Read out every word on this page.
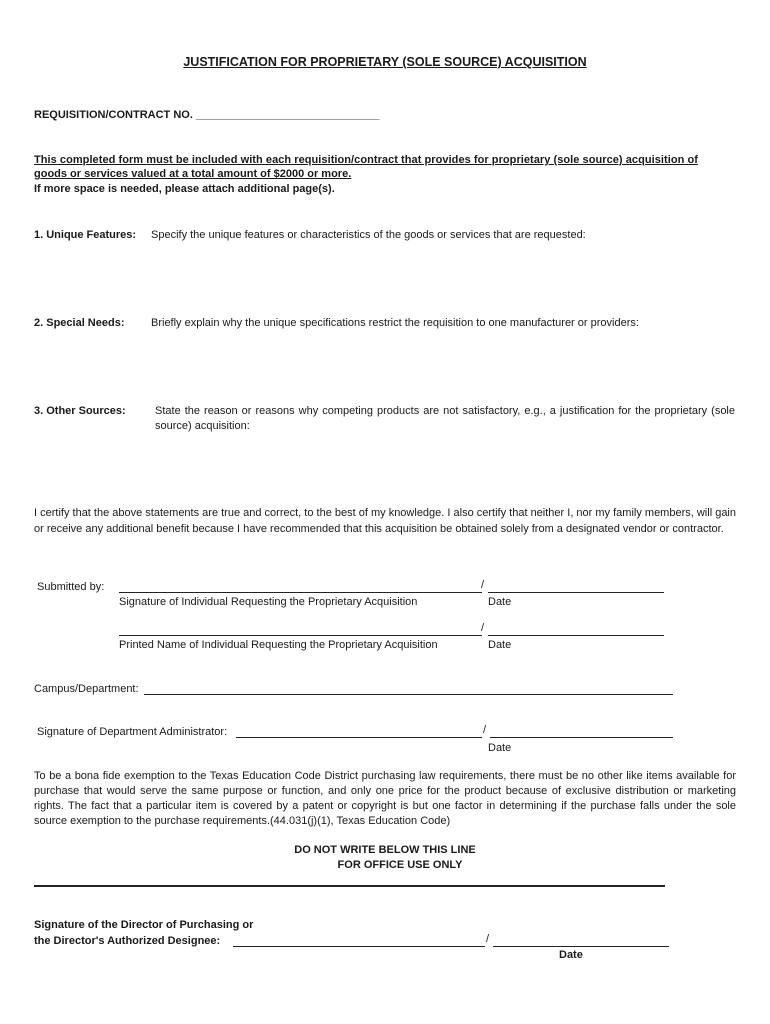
JUSTIFICATION FOR PROPRIETARY (SOLE SOURCE) ACQUISITION
REQUISITION/CONTRACT NO. ______________________________
This completed form must be included with each requisition/contract that provides for proprietary (sole source) acquisition of
goods or services valued at a total amount of $2000 or more.
If more space is needed, please attach additional page(s).
1. Unique Features: Specify the unique features or characteristics of the goods or services that are requested:
2. Special Needs: Briefly explain why the unique specifications restrict the requisition to one manufacturer or providers:
3. Other Sources:	State the reason or reasons why competing products are not satisfactory, e.g., a justification for the proprietary (sole source) acquisition:
I certify that the above statements are true and correct, to the best of my knowledge. I also certify that neither I, nor my family members, will gain or receive any additional benefit because I have recommended that this acquisition be obtained solely from a designated vendor or contractor.
Submitted by:	/
Signature of Individual Requesting the Proprietary Acquisition	Date
/
Printed Name of Individual Requesting the Proprietary Acquisition	Date
Campus/Department:
Signature of Department Administrator:	/
Date
To be a bona fide exemption to the Texas Education Code District purchasing law requirements, there must be no other like items available for purchase that would serve the same purpose or function, and only one price for the product because of exclusive distribution or marketing rights. The fact that a particular item is covered by a patent or copyright is but one factor in determining if the purchase falls under the sole source exemption to the purchase requirements.(44.031(j)(1), Texas Education Code)
DO NOT WRITE BELOW THIS LINE
FOR OFFICE USE ONLY
Signature of the Director of Purchasing or
the Director's Authorized Designee:	/
Date
